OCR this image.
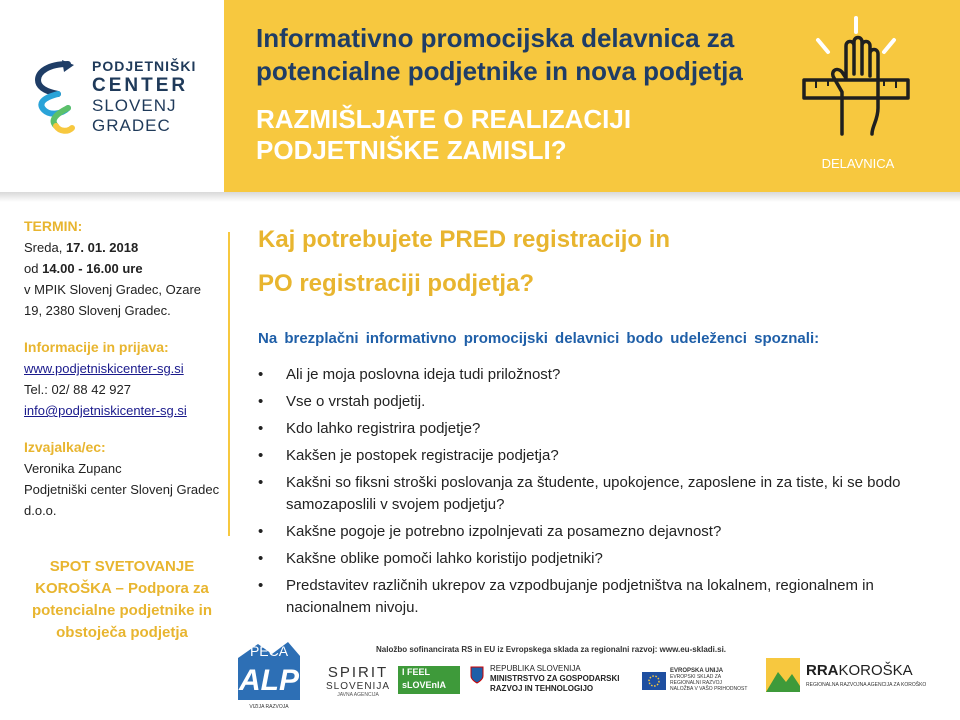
PODJETNIŠKI
CENTER
SLOVENJ
GRADEC
Informativno promocijska delavnica za potencialne podjetnike in nova podjetja
RAZMIŠLJATE O REALIZACIJI PODJETNIŠKE ZAMISLI?	DELAVNICA
TERMIN:
Sreda, 17. 01. 2018
od 14.00 - 16.00 ure
v MPIK Slovenj Gradec, Ozare 19, 2380 Slovenj Gradec.
Informacije in prijava:
www.podjetniskicenter-sg.si
Tel.: 02/ 88 42 927
info@podjetniskicenter-sg.si
Izvajalka/ec:
Veronika Zupanc
Podjetniški center Slovenj Gradec d.o.o.
SPOT SVETOVANJE KOROŠKA – Podpora za potencialne podjetnike in obstoječa podjetja
Kaj potrebujete PRED registracijo in
PO registraciji podjetja?
Na brezplačni informativno promocijski delavnici bodo udeleženci spoznali:
• Ali je moja poslovna ideja tudi priložnost?
• Vse o vrstah podjetij.
• Kdo lahko registrira podjetje?
• Kakšen je postopek registracije podjetja?
• Kakšni so fiksni stroški poslovanja za študente, upokojence, zaposlene in za tiste, ki se bodo samozaposlili v svojem podjetju?
• Kakšne pogoje je potrebno izpolnjevati za posamezno dejavnost?
• Kakšne oblike pomoči lahko koristijo podjetniki?
• Predstavitev različnih ukrepov za vzpodbujanje podjetništva na lokalnem, regionalnem in nacionalnem nivoju.
Naložbo sofinancirata RS in EU iz Evropskega sklada za regionalni razvoj: www.eu-skladi.si.
PECA
ALP
VIZIJA RAZVOJA
SPIRIT
SLOVENIJA
JAVNA AGENCIJA
I FEEL
sLOVEnIA
REPUBLIKA SLOVENIJA
MINISTRSTVO ZA GOSPODARSKI
RAZVOJ IN TEHNOLOGIJO
EVROPSKA UNIJA
EVROPSKI SKLAD ZA
REGIONALNI RAZVOJ
NALOŽBA V VAŠO PRIHODNOST
RRAKOROŠKA
REGIONALNA RAZVOJNA AGENCIJA ZA KOROŠKO
